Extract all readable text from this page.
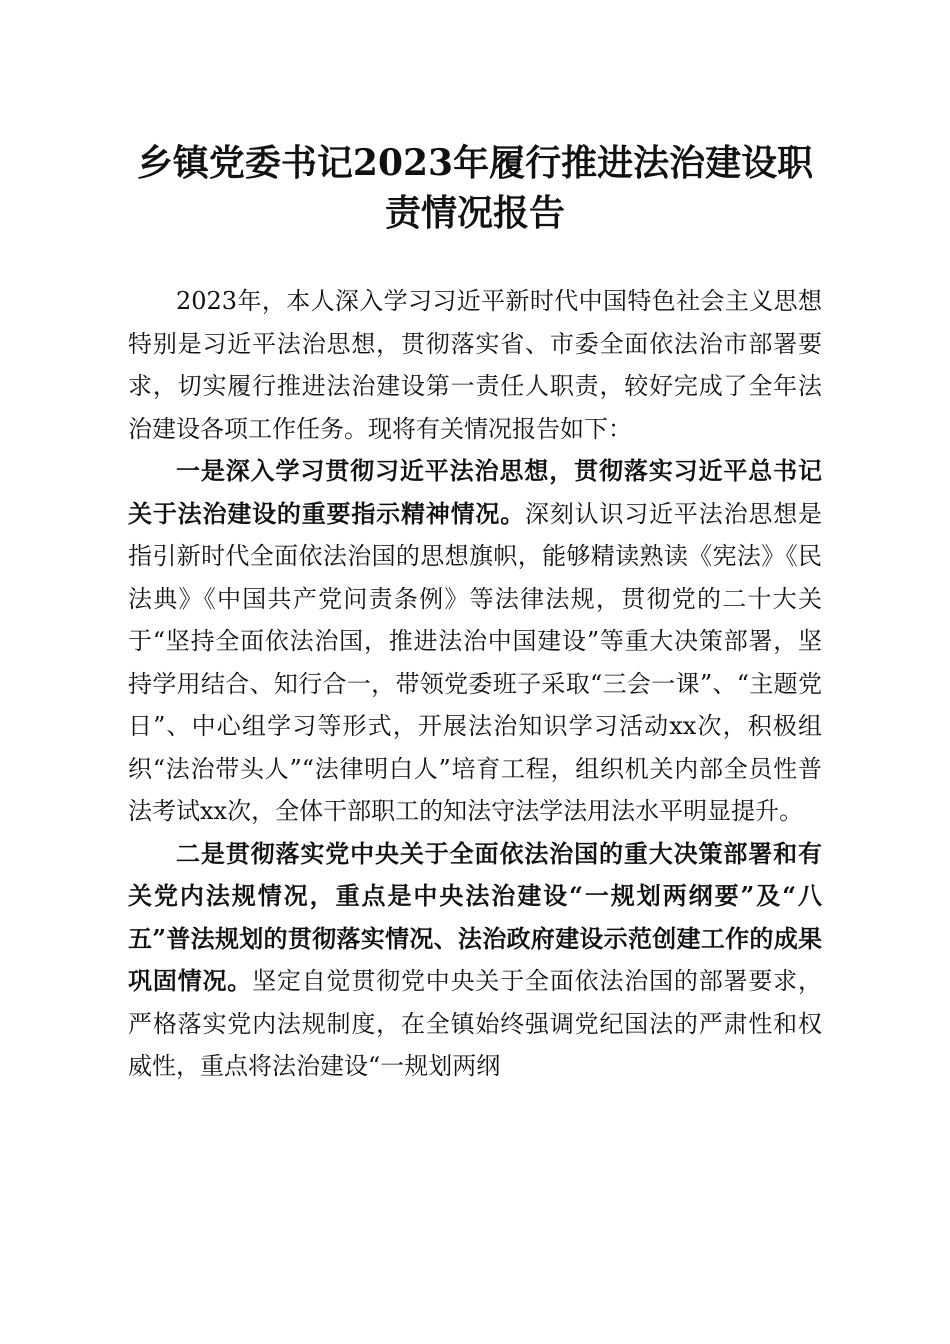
乡镇党委书记2023年履行推进法治建设职责情况报告

2023年，本人深入学习习近平新时代中国特色社会主义思想特别是习近平法治思想，贯彻落实省、市委全面依法治市部署要求，切实履行推进法治建设第一责任人职责，较好完成了全年法治建设各项工作任务。现将有关情况报告如下：

一是深入学习贯彻习近平法治思想，贯彻落实习近平总书记关于法治建设的重要指示精神情况。深刻认识习近平法治思想是指引新时代全面依法治国的思想旗帜，能够精读熟读《宪法》《民法典》《中国共产党问责条例》等法律法规，贯彻党的二十大关于“坚持全面依法治国，推进法治中国建设”等重大决策部署，坚持学用结合、知行合一，带领党委班子采取“三会一课”、“主题党日”、中心组学习等形式，开展法治知识学习活动xx次，积极组织“法治带头人”“法律明白人”培育工程，组织机关内部全员性普法考试xx次，全体干部职工的知法守法学法用法水平明显提升。

二是贯彻落实党中央关于全面依法治国的重大决策部署和有关党内法规情况，重点是中央法治建设“一规划两纲要”及“八五”普法规划的贯彻落实情况、法治政府建设示范创建工作的成果巩固情况。坚定自觉贯彻党中央关于全面依法治国的部署要求，严格落实党内法规制度，在全镇始终强调党纪国法的严肃性和权威性，重点将法治建设“一规划两纲
